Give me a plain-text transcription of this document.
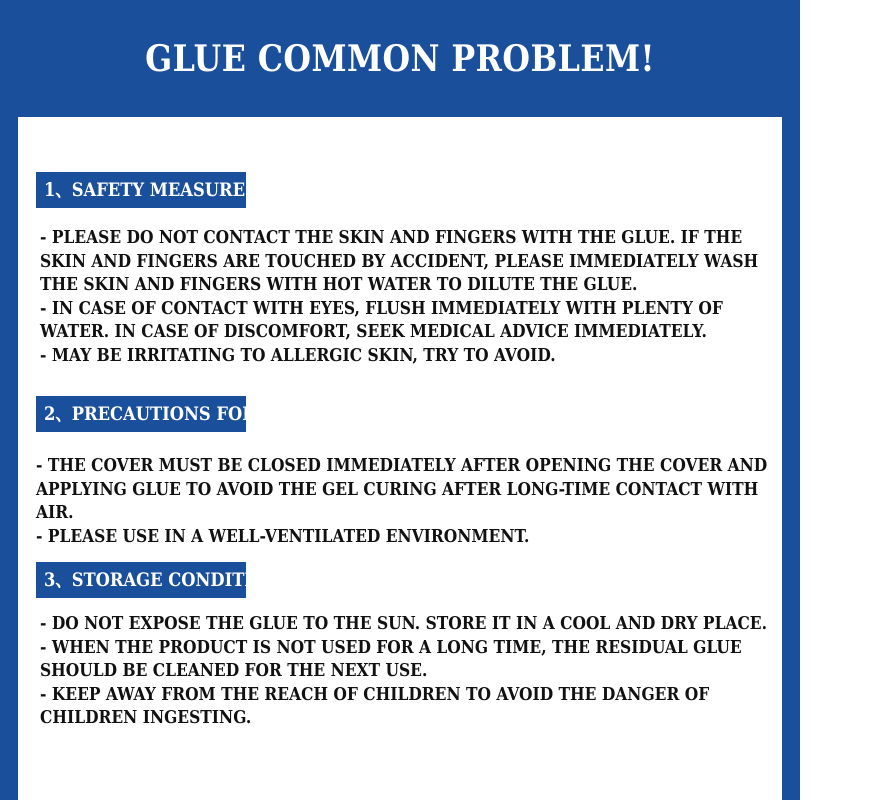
GLUE COMMON PROBLEM!
1、SAFETY MEASURES
- PLEASE DO NOT CONTACT THE SKIN AND FINGERS WITH THE GLUE. IF THE
SKIN AND FINGERS ARE TOUCHED BY ACCIDENT, PLEASE IMMEDIATELY WASH
THE SKIN AND FINGERS WITH HOT WATER TO DILUTE THE GLUE.
- IN CASE OF CONTACT WITH EYES, FLUSH IMMEDIATELY WITH PLENTY OF
WATER. IN CASE OF DISCOMFORT, SEEK MEDICAL ADVICE IMMEDIATELY.
- MAY BE IRRITATING TO ALLERGIC SKIN, TRY TO AVOID.
2、PRECAUTIONS FOR USE
- THE COVER MUST BE CLOSED IMMEDIATELY AFTER OPENING THE COVER AND
APPLYING GLUE TO AVOID THE GEL CURING AFTER LONG-TIME CONTACT WITH
AIR.
- PLEASE USE IN A WELL-VENTILATED ENVIRONMENT.
3、STORAGE CONDITIONS
- DO NOT EXPOSE THE GLUE TO THE SUN. STORE IT IN A COOL AND DRY PLACE.
- WHEN THE PRODUCT IS NOT USED FOR A LONG TIME, THE RESIDUAL GLUE
SHOULD BE CLEANED FOR THE NEXT USE.
- KEEP AWAY FROM THE REACH OF CHILDREN TO AVOID THE DANGER OF
CHILDREN INGESTING.
